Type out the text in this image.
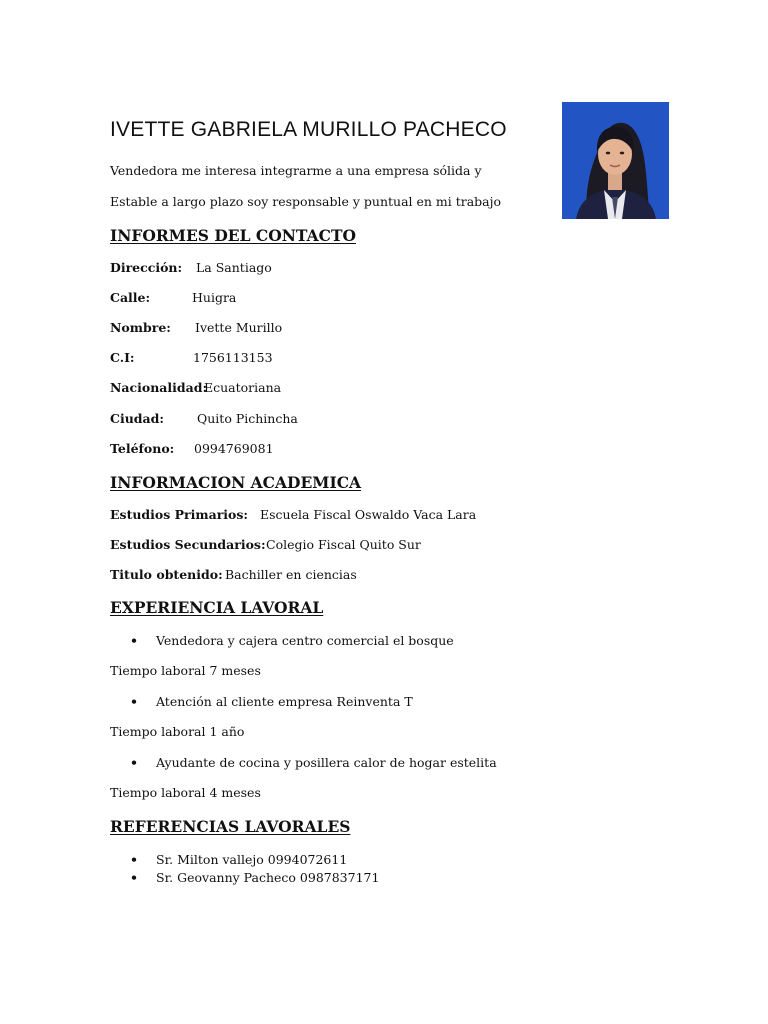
IVETTE GABRIELA MURILLO PACHECO
Vendedora me interesa integrarme a una empresa sólida y
Estable a largo plazo soy responsable y puntual en mi trabajo
INFORMES DEL CONTACTO
Dirección: La Santiago
Calle:	Huigra
Nombre: Ivette Murillo
C.I:	1756113153
Nacionalidad:
Ecuatoriana
Ciudad:	Quito Pichincha
Teléfono: 0994769081
INFORMACION ACADEMICA
Estudios Primarios: Escuela Fiscal Oswaldo Vaca Lara
Estudios Secundarios: Colegio Fiscal Quito Sur
Titulo obtenido: Bachiller en ciencias
EXPERIENCIA LAVORAL
• Vendedora y cajera centro comercial el bosque
Tiempo laboral 7 meses
• Atención al cliente empresa Reinventa T
Tiempo laboral 1 año
• Ayudante de cocina y posillera calor de hogar estelita
Tiempo laboral 4 meses
REFERENCIAS LAVORALES
• Sr. Milton vallejo 0994072611
• Sr. Geovanny Pacheco 0987837171
